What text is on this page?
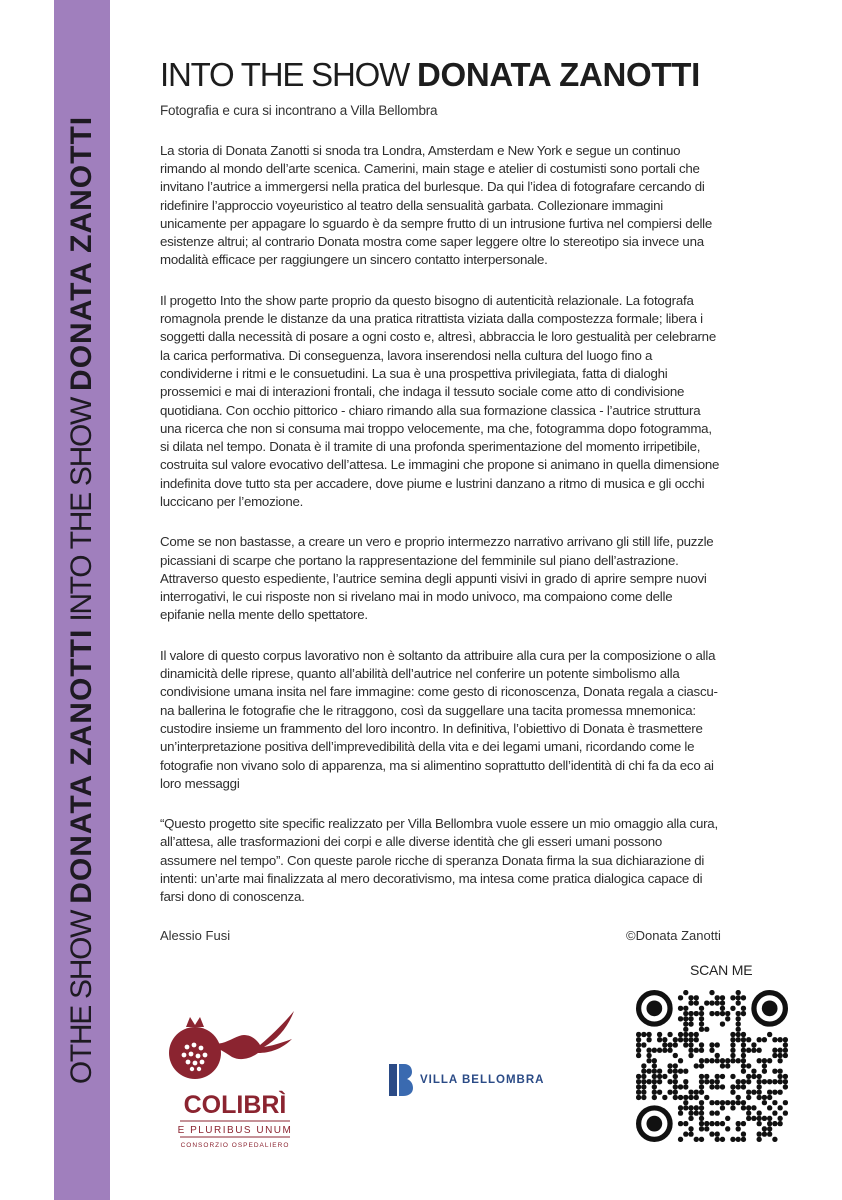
OTHE SHOW DONATA ZANOTTI INTO THE SHOW DONATA ZANOTTI
INTO THE SHOW DONATA ZANOTTI

Fotografia e cura si incontrano a Villa Bellombra

La storia di Donata Zanotti si snoda tra Londra, Amsterdam e New York e segue un continuo rimando al mondo dell’arte scenica. Camerini, main stage e atelier di costumisti sono portali che invitano l’autrice a immergersi nella pratica del burlesque. Da qui l’idea di fotografare cercando di ridefinire l’approccio voyeuristico al teatro della sensualità garbata. Collezionare immagini unicamente per appagare lo sguardo è da sempre frutto di un intrusione furtiva nel compiersi delle esistenze altrui; al contrario Donata mostra come saper leggere oltre lo stereotipo sia invece una modalità efficace per raggiungere un sincero contatto interpersonale.

Il progetto Into the show parte proprio da questo bisogno di autenticità relazionale. La fotografa romagnola prende le distanze da una pratica ritrattista viziata dalla compostezza formale; libera i soggetti dalla necessità di posare a ogni costo e, altresì, abbraccia le loro gestualità per celebrarne la carica performativa. Di conseguenza, lavora inserendosi nella cultura del luogo fino a condividerne i ritmi e le consuetudini. La sua è una prospettiva privilegiata, fatta di dialoghi prossemici e mai di interazioni frontali, che indaga il tessuto sociale come atto di condivisione quotidiana. Con occhio pittorico - chiaro rimando alla sua formazione classica - l’autrice struttura una ricerca che non si consuma mai troppo velocemente, ma che, fotogramma dopo fotogramma, si dilata nel tempo. Donata è il tramite di una profonda sperimentazione del momento irripetibile, costruita sul valore evocativo dell’attesa. Le immagini che propone si animano in quella dimensione indefinita dove tutto sta per accadere, dove piume e lustrini danzano a ritmo di musica e gli occhi luccicano per l’emozione.

Come se non bastasse, a creare un vero e proprio intermezzo narrativo arrivano gli still life, puzzle picassiani di scarpe che portano la rappresentazione del femminile sul piano dell’astrazione. Attraverso questo espediente, l’autrice semina degli appunti visivi in grado di aprire sempre nuovi interrogativi, le cui risposte non si rivelano mai in modo univoco, ma compaiono come delle epifanie nella mente dello spettatore.

Il valore di questo corpus lavorativo non è soltanto da attribuire alla cura per la composizione o alla dinamicità delle riprese, quanto all’abilità dell’autrice nel conferire un potente simbolismo alla condivisione umana insita nel fare immagine: come gesto di riconoscenza, Donata regala a ciascu-na ballerina le fotografie che le ritraggono, così da suggellare una tacita promessa mnemonica: custodire insieme un frammento del loro incontro. In definitiva, l’obiettivo di Donata è trasmettere un’interpretazione positiva dell’imprevedibilità della vita e dei legami umani, ricordando come le fotografie non vivano solo di apparenza, ma si alimentino soprattutto dell’identità di chi fa da eco ai loro messaggi

“Questo progetto site specific realizzato per Villa Bellombra vuole essere un mio omaggio alla cura, all’attesa, alle trasformazioni dei corpi e alle diverse identità che gli esseri umani possono assumere nel tempo”. Con queste parole ricche di speranza Donata firma la sua dichiarazione di intenti: un’arte mai finalizzata al mero decorativismo, ma intesa come pratica dialogica capace di farsi dono di conoscenza.

Alessio Fusi	©Donata Zanotti
SCAN ME
COLIBRÌ
E PLURIBUS UNUM
CONSORZIO OSPEDALIERO
VILLA BELLOMBRA
